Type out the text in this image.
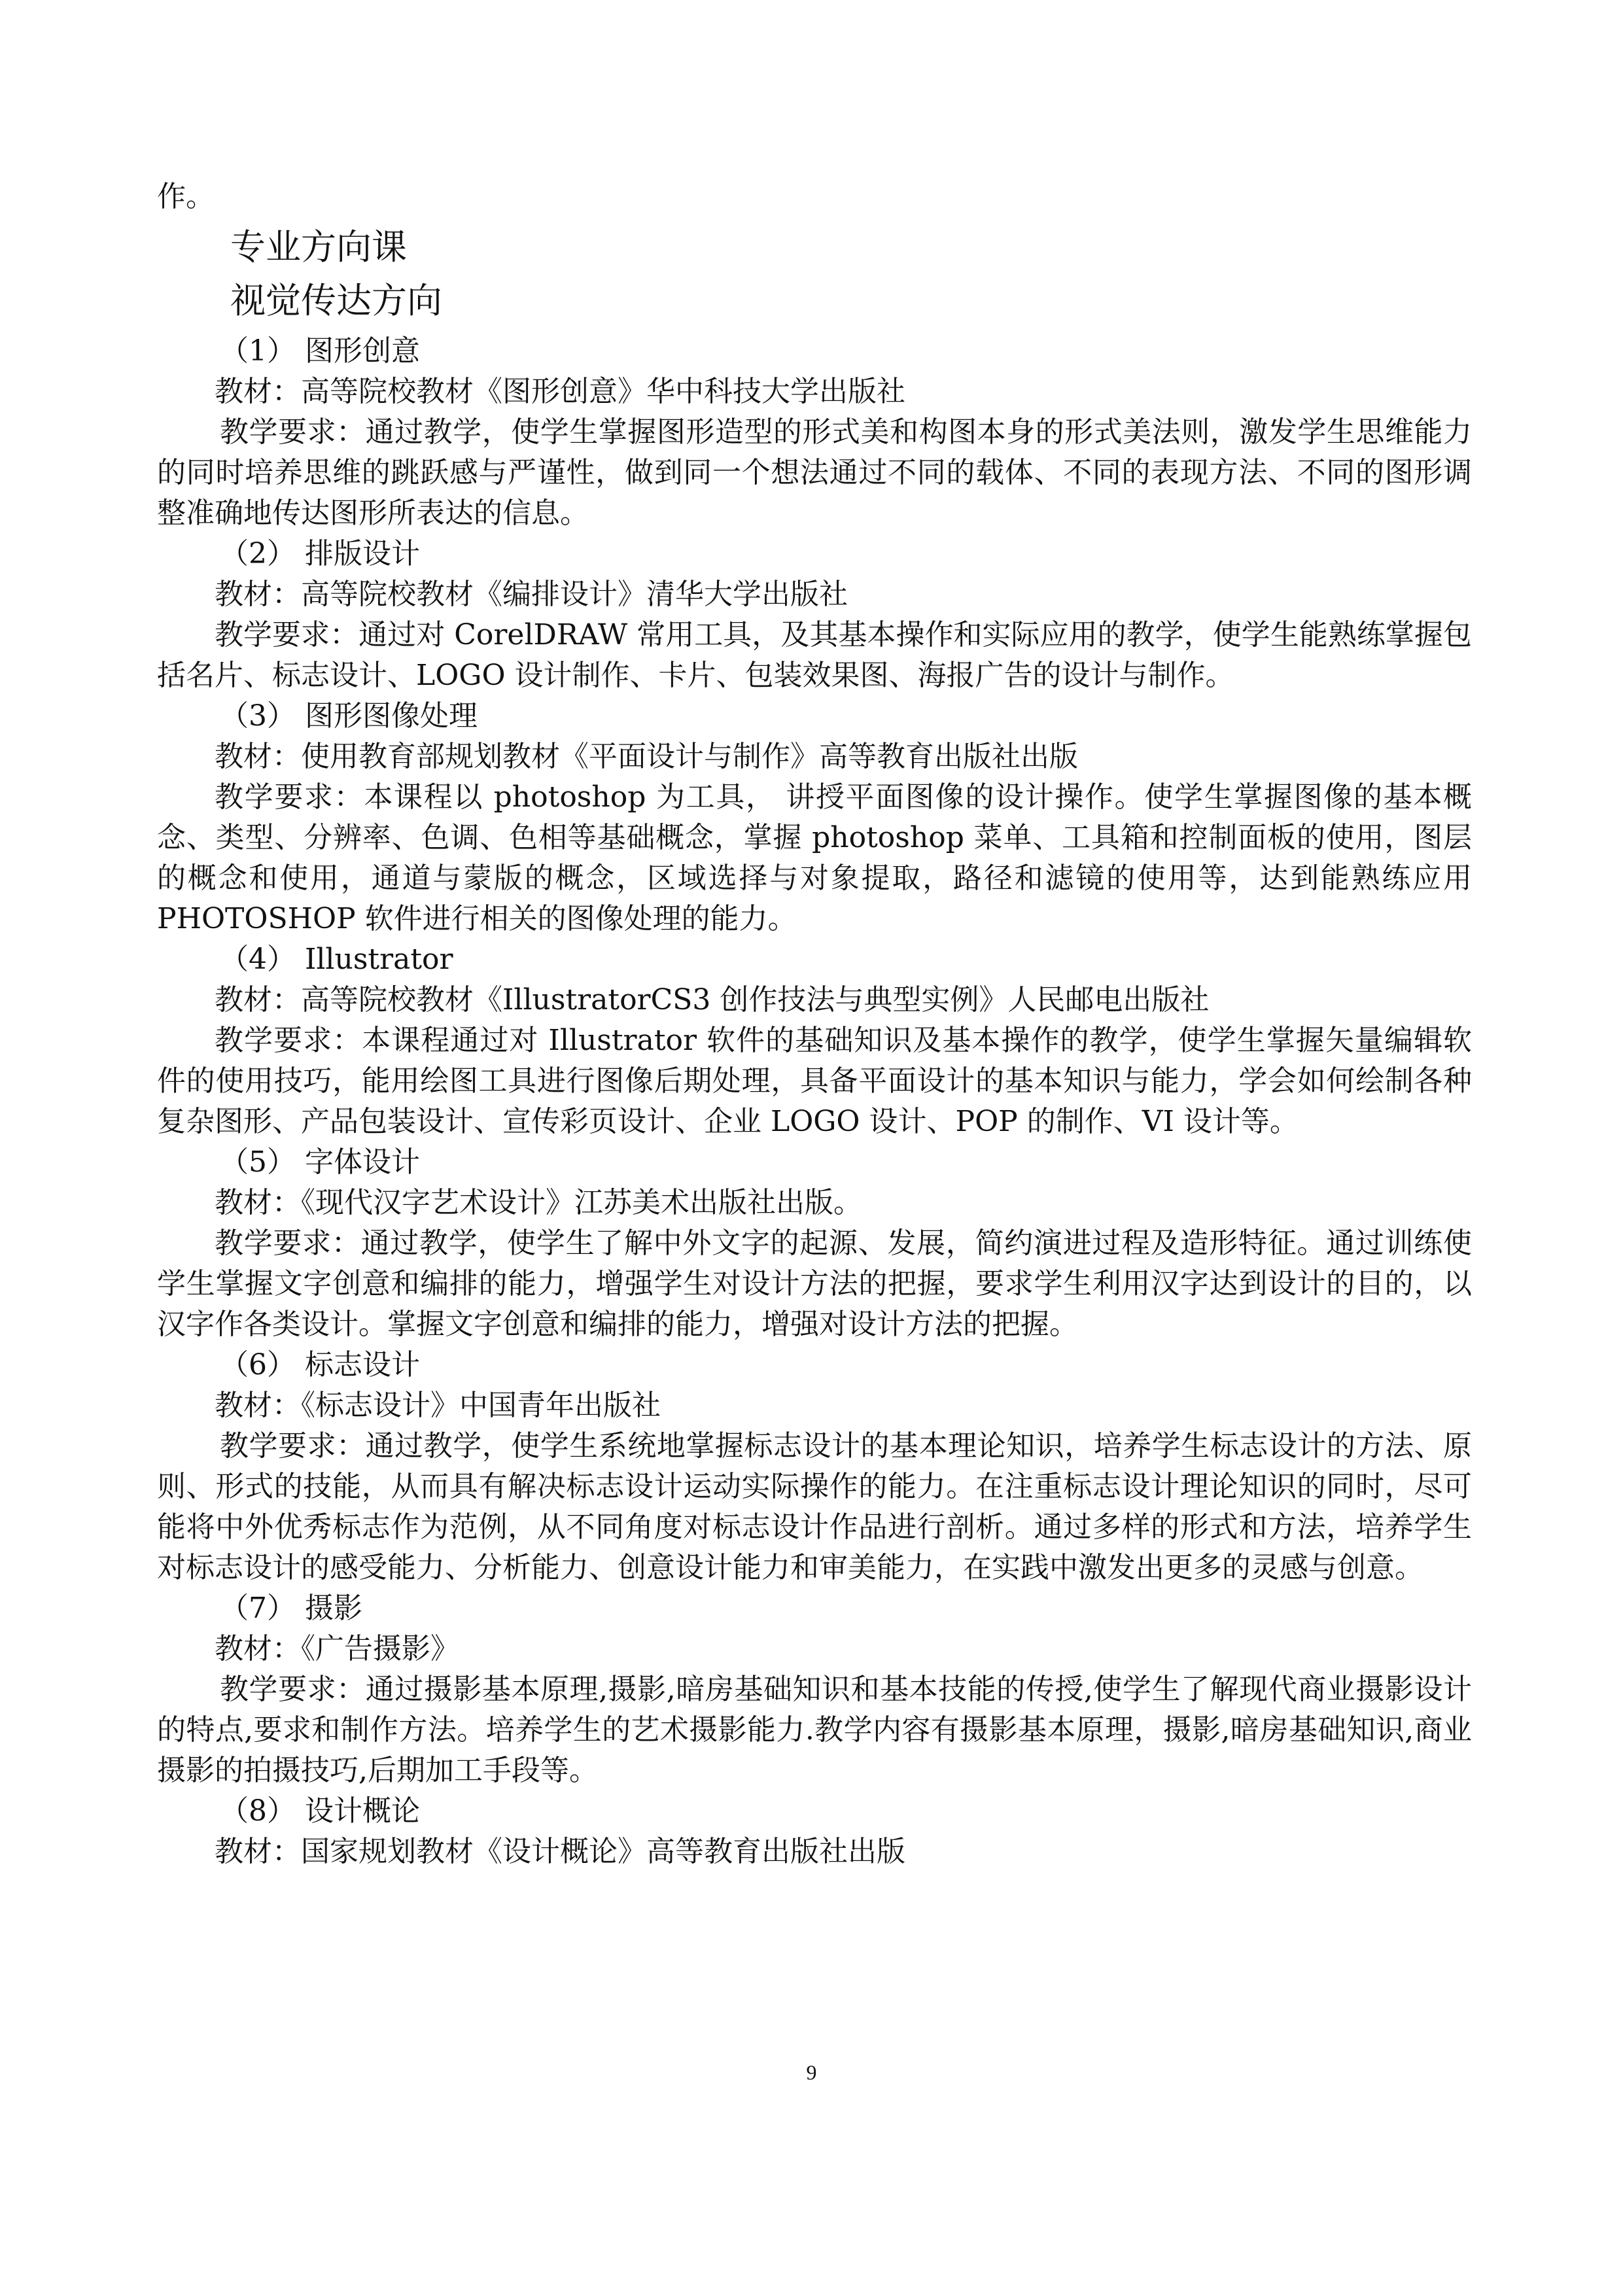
作。

专业方向课

视觉传达方向

（1） 图形创意

教材：高等院校教材《图形创意》华中科技大学出版社

教学要求：通过教学，使学生掌握图形造型的形式美和构图本身的形式美法则，激发学生思维能力的同时培养思维的跳跃感与严谨性，做到同一个想法通过不同的载体、不同的表现方法、不同的图形调整准确地传达图形所表达的信息。

（2） 排版设计

教材：高等院校教材《编排设计》清华大学出版社

教学要求：通过对 CorelDRAW 常用工具，及其基本操作和实际应用的教学，使学生能熟练掌握包括名片、标志设计、LOGO 设计制作、卡片、包装效果图、海报广告的设计与制作。

（3） 图形图像处理

教材：使用教育部规划教材《平面设计与制作》高等教育出版社出版

教学要求：本课程以 photoshop 为工具， 讲授平面图像的设计操作。使学生掌握图像的基本概念、类型、分辨率、色调、色相等基础概念，掌握 photoshop 菜单、工具箱和控制面板的使用，图层的概念和使用，通道与蒙版的概念，区域选择与对象提取，路径和滤镜的使用等，达到能熟练应用 PHOTOSHOP 软件进行相关的图像处理的能力。

（4） Illustrator

教材：高等院校教材《IllustratorCS3 创作技法与典型实例》人民邮电出版社

教学要求：本课程通过对 Illustrator 软件的基础知识及基本操作的教学，使学生掌握矢量编辑软件的使用技巧，能用绘图工具进行图像后期处理，具备平面设计的基本知识与能力，学会如何绘制各种复杂图形、产品包装设计、宣传彩页设计、企业 LOGO 设计、POP 的制作、VI 设计等。

（5） 字体设计

教材：《现代汉字艺术设计》江苏美术出版社出版。

教学要求：通过教学，使学生了解中外文字的起源、发展，简约演进过程及造形特征。通过训练使学生掌握文字创意和编排的能力，增强学生对设计方法的把握，要求学生利用汉字达到设计的目的，以汉字作各类设计。掌握文字创意和编排的能力，增强对设计方法的把握。

（6） 标志设计

教材：《标志设计》中国青年出版社

教学要求：通过教学，使学生系统地掌握标志设计的基本理论知识，培养学生标志设计的方法、原则、形式的技能，从而具有解决标志设计运动实际操作的能力。在注重标志设计理论知识的同时，尽可能将中外优秀标志作为范例，从不同角度对标志设计作品进行剖析。通过多样的形式和方法，培养学生对标志设计的感受能力、分析能力、创意设计能力和审美能力，在实践中激发出更多的灵感与创意。

（7） 摄影

教材：《广告摄影》

教学要求：通过摄影基本原理,摄影,暗房基础知识和基本技能的传授,使学生了解现代商业摄影设计的特点,要求和制作方法。培养学生的艺术摄影能力.教学内容有摄影基本原理，摄影,暗房基础知识,商业摄影的拍摄技巧,后期加工手段等。

（8） 设计概论

教材：国家规划教材《设计概论》高等教育出版社出版

9
